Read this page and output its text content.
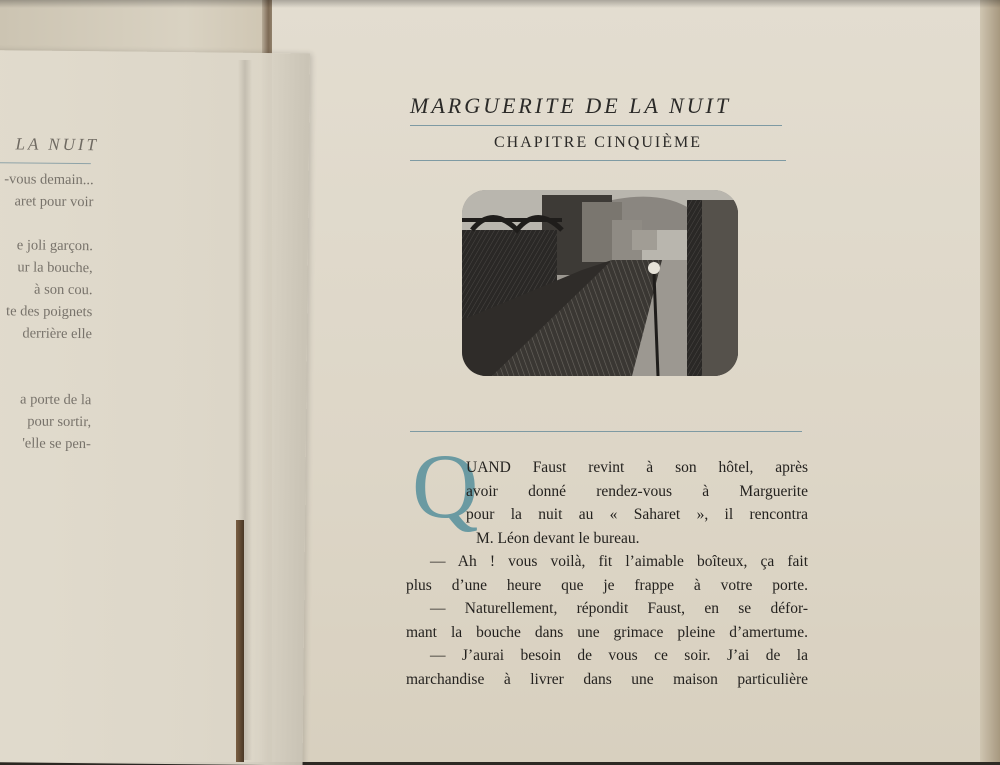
LA NUIT
-vous demain...
aret pour voir
e joli garçon.
ur la bouche,
à son cou.
te des poignets
derrière elle
a porte de la
pour sortir,
'elle se pen-
MARGUERITE DE LA NUIT
CHAPITRE CINQUIÈME
Q
UAND Faust revint à son hôtel, après
avoir donné rendez-vous à Marguerite
pour la nuit au « Saharet », il rencontra
M. Léon devant le bureau.
— Ah ! vous voilà, fit l’aimable boîteux, ça fait
plus d’une heure que je frappe à votre porte.
— Naturellement, répondit Faust, en se défor-
mant la bouche dans une grimace pleine d’amertume.
— J’aurai besoin de vous ce soir. J’ai de la
marchandise à livrer dans une maison particulière
